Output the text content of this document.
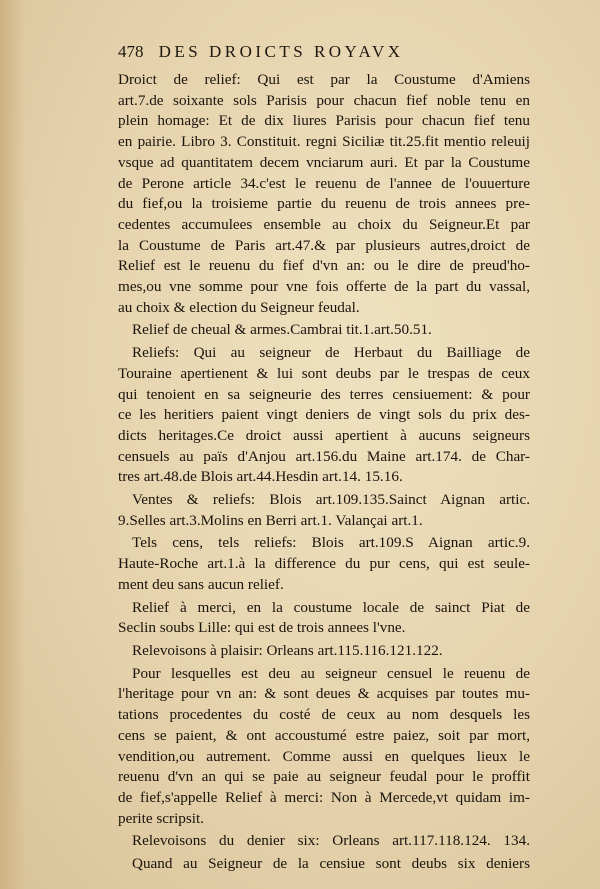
478 DES DROICTS ROYAVX
Droict de relief: Qui est par la Coustume d'Amiens
art.7.de soixante sols Parisis pour chacun fief noble tenu en
plein homage: Et de dix liures Parisis pour chacun fief tenu
en pairie. Libro 3. Constituit. regni Siciliæ tit.25.fit mentio releuij
vsque ad quantitatem decem vnciarum auri. Et par la Coustume
de Perone article 34.c'est le reuenu de l'annee de l'ouuerture
du fief,ou la troisieme partie du reuenu de trois annees pre-
cedentes accumulees ensemble au choix du Seigneur.Et par
la Coustume de Paris art.47.& par plusieurs autres,droict de
Relief est le reuenu du fief d'vn an: ou le dire de preud'ho-
mes,ou vne somme pour vne fois offerte de la part du vassal,
au choix & election du Seigneur feudal.
Relief de cheual & armes.Cambrai tit.1.art.50.51.
Reliefs: Qui au seigneur de Herbaut du Bailliage de
Touraine apertienent & lui sont deubs par le trespas de ceux
qui tenoient en sa seigneurie des terres censiuement: & pour
ce les heritiers paient vingt deniers de vingt sols du prix des-
dicts heritages.Ce droict aussi apertient à aucuns seigneurs
censuels au païs d'Anjou art.156.du Maine art.174. de Char-
tres art.48.de Blois art.44.Hesdin art.14. 15.16.
Ventes & reliefs: Blois art.109.135.Sainct Aignan artic.
9.Selles art.3.Molins en Berri art.1. Valançai art.1.
Tels cens, tels reliefs: Blois art.109.S Aignan artic.9.
Haute-Roche art.1.à la difference du pur cens, qui est seule-
ment deu sans aucun relief.
Relief à merci, en la coustume locale de sainct Piat de
Seclin soubs Lille: qui est de trois annees l'vne.
Relevoisons à plaisir: Orleans art.115.116.121.122.
Pour lesquelles est deu au seigneur censuel le reuenu de
l'heritage pour vn an: & sont deues & acquises par toutes mu-
tations procedentes du costé de ceux au nom desquels les
cens se paient, & ont accoustumé estre paiez, soit par mort,
vendition,ou autrement. Comme aussi en quelques lieux le
reuenu d'vn an qui se paie au seigneur feudal pour le proffit
de fief,s'appelle Relief à merci: Non à Mercede,vt quidam im-
perite scripsit.
Relevoisons du denier six: Orleans art.117.118.124. 134.
Quand au Seigneur de la censiue sont deubs six deniers
